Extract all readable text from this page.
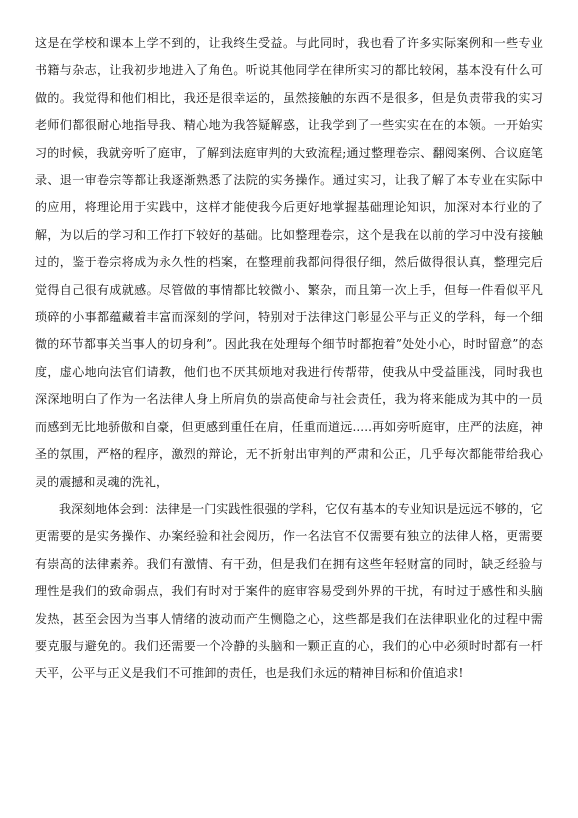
这是在学校和课本上学不到的，让我终生受益。与此同时，我也看了许多实际案例和一些专业书籍与杂志，让我初步地进入了角色。听说其他同学在律所实习的都比较闲，基本没有什么可做的。我觉得和他们相比，我还是很幸运的，虽然接触的东西不是很多，但是负责带我的实习老师们都很耐心地指导我、精心地为我答疑解惑，让我学到了一些实实在在的本领。一开始实习的时候，我就旁听了庭审，了解到法庭审判的大致流程;通过整理卷宗、翻阅案例、合议庭笔录、退一审卷宗等都让我逐渐熟悉了法院的实务操作。通过实习，让我了解了本专业在实际中的应用，将理论用于实践中，这样才能使我今后更好地掌握基础理论知识，加深对本行业的了解，为以后的学习和工作打下较好的基础。比如整理卷宗，这个是我在以前的学习中没有接触过的，鉴于卷宗将成为永久性的档案，在整理前我都问得很仔细，然后做得很认真，整理完后觉得自己很有成就感。尽管做的事情都比较微小、繁杂，而且第一次上手，但每一件看似平凡琐碎的小事都蕴藏着丰富而深刻的学问，特别对于法律这门彰显公平与正义的学科，每一个细微的环节都事关当事人的切身利”。因此我在处理每个细节时都抱着”处处小心，时时留意”的态度，虚心地向法官们请教，他们也不厌其烦地对我进行传帮带，使我从中受益匪浅，同时我也深深地明白了作为一名法律人身上所肩负的崇高使命与社会责任，我为将来能成为其中的一员而感到无比地骄傲和自豪，但更感到重任在肩，任重而道远.....再如旁听庭审，庄严的法庭，神圣的氛围，严格的程序，激烈的辩论，无不折射出审判的严肃和公正，几乎每次都能带给我心灵的震撼和灵魂的洗礼，

我深刻地体会到：法律是一门实践性很强的学科，它仅有基本的专业知识是远远不够的，它更需要的是实务操作、办案经验和社会阅历，作一名法官不仅需要有独立的法律人格，更需要有崇高的法律素养。我们有激情、有干劲，但是我们在拥有这些年轻财富的同时，缺乏经验与理性是我们的致命弱点，我们有时对于案件的庭审容易受到外界的干扰，有时过于感性和头脑发热，甚至会因为当事人情绪的波动而产生恻隐之心，这些都是我们在法律职业化的过程中需要克服与避免的。我们还需要一个冷静的头脑和一颗正直的心，我们的心中必须时时都有一杆天平，公平与正义是我们不可推卸的责任，也是我们永远的精神目标和价值追求!
